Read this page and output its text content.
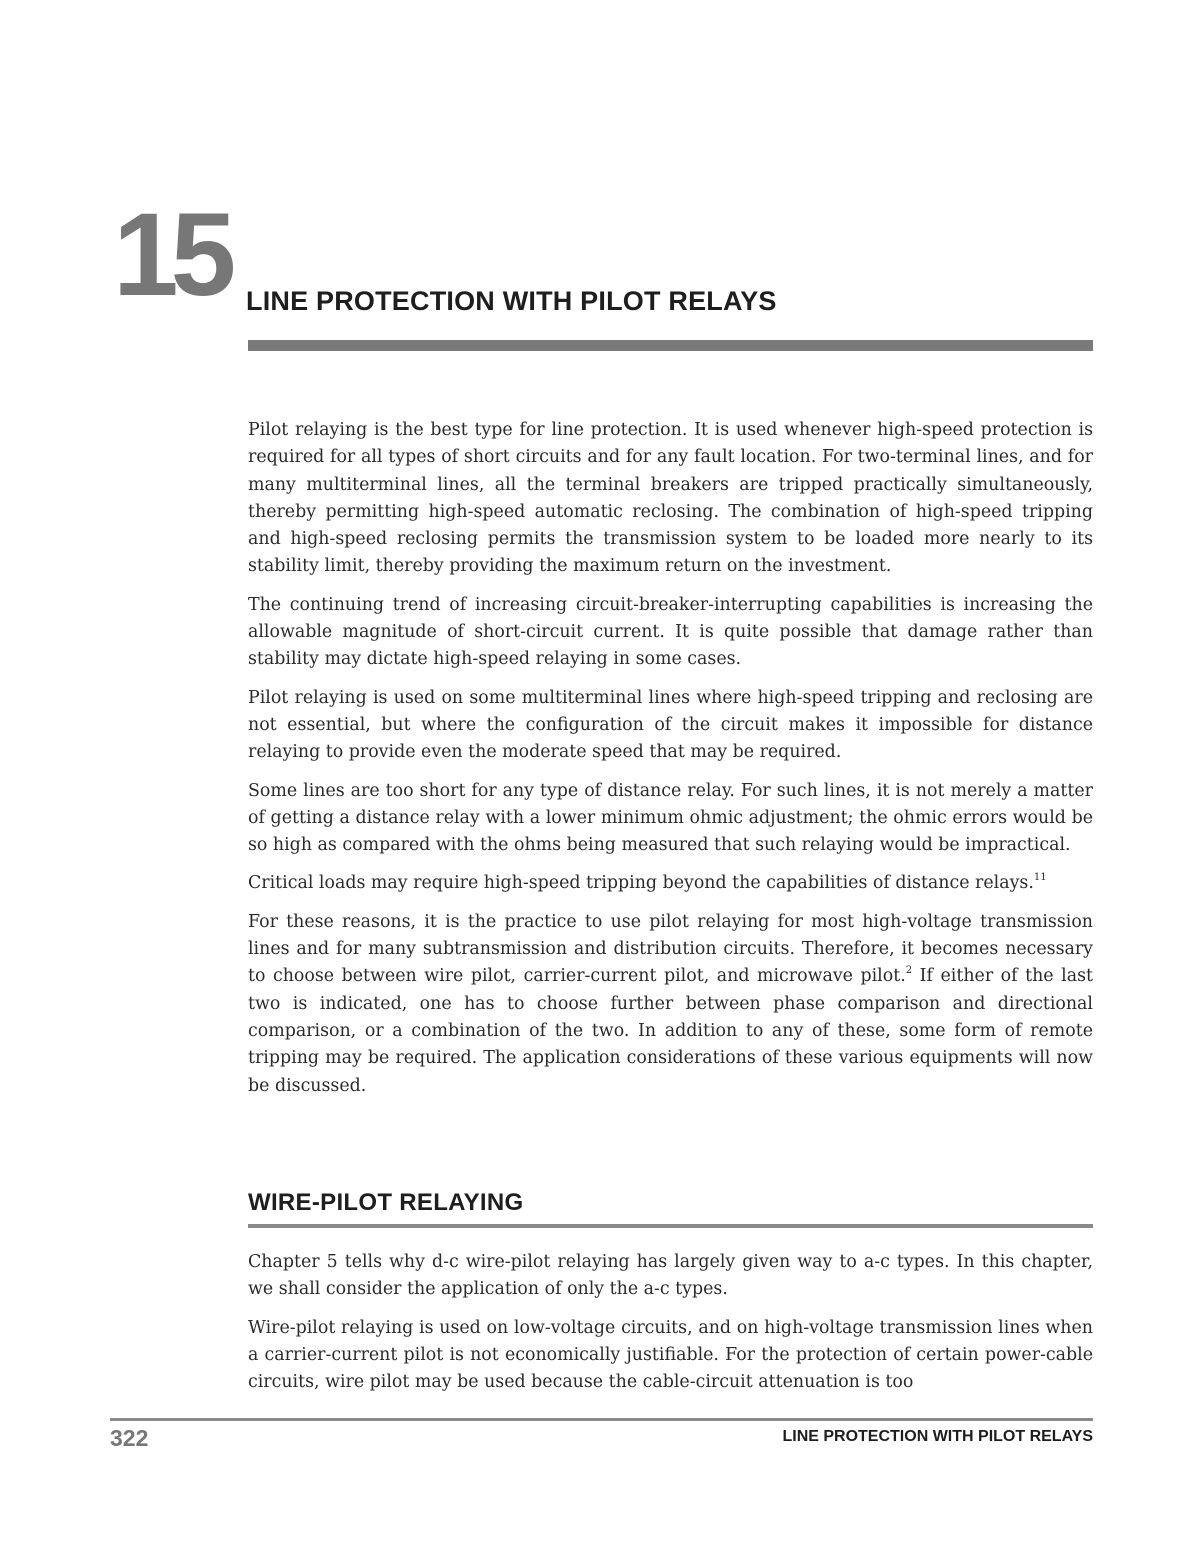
15 LINE PROTECTION WITH PILOT RELAYS

Pilot relaying is the best type for line protection. It is used whenever high-speed protection is required for all types of short circuits and for any fault location. For two-terminal lines, and for many multiterminal lines, all the terminal breakers are tripped practically simultaneously, thereby permitting high-speed automatic reclosing. The combination of high-speed tripping and high-speed reclosing permits the transmission system to be loaded more nearly to its stability limit, thereby providing the maximum return on the investment.

The continuing trend of increasing circuit-breaker-interrupting capabilities is increasing the allowable magnitude of short-circuit current. It is quite possible that damage rather than stability may dictate high-speed relaying in some cases.

Pilot relaying is used on some multiterminal lines where high-speed tripping and reclosing are not essential, but where the configuration of the circuit makes it impossible for distance relaying to provide even the moderate speed that may be required.

Some lines are too short for any type of distance relay. For such lines, it is not merely a matter of getting a distance relay with a lower minimum ohmic adjustment; the ohmic errors would be so high as compared with the ohms being measured that such relaying would be impractical.

Critical loads may require high-speed tripping beyond the capabilities of distance relays.$^{11}$

For these reasons, it is the practice to use pilot relaying for most high-voltage transmission lines and for many subtransmission and distribution circuits. Therefore, it becomes necessary to choose between wire pilot, carrier-current pilot, and microwave pilot.$^2$ If either of the last two is indicated, one has to choose further between phase comparison and directional comparison, or a combination of the two. In addition to any of these, some form of remote tripping may be required. The application considerations of these various equipments will now be discussed.

WIRE-PILOT RELAYING

Chapter 5 tells why d-c wire-pilot relaying has largely given way to a-c types. In this chapter, we shall consider the application of only the a-c types.

Wire-pilot relaying is used on low-voltage circuits, and on high-voltage transmission lines when a carrier-current pilot is not economically justifiable. For the protection of certain power-cable circuits, wire pilot may be used because the cable-circuit attenuation is too

322	LINE PROTECTION WITH PILOT RELAYS
